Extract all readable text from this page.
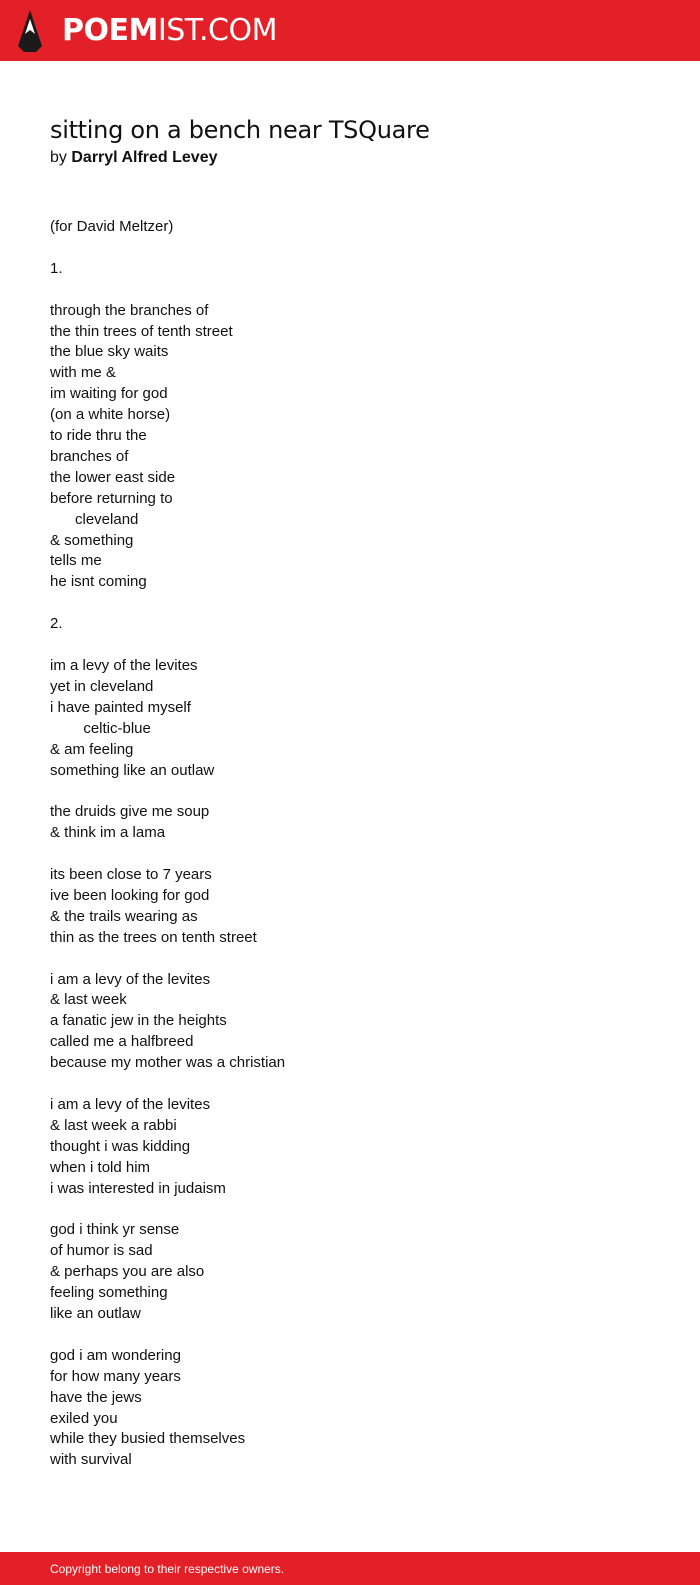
POEMIST.COM
sitting on a bench near TSQuare
by Darryl Alfred Levey
(for David Meltzer)
1.
through the branches of
the thin trees of tenth street
the blue sky waits
with me &
im waiting for god
(on a white horse)
to ride thru the
branches of
the lower east side
before returning to
cleveland
& something
tells me
he isnt coming
2.
im a levy of the levites
yet in cleveland
i have painted myself
celtic-blue
& am feeling
something like an outlaw
the druids give me soup
& think im a lama
its been close to 7 years
ive been looking for god
& the trails wearing as
thin as the trees on tenth street
i am a levy of the levites
& last week
a fanatic jew in the heights
called me a halfbreed
because my mother was a christian
i am a levy of the levites
& last week a rabbi
thought i was kidding
when i told him
i was interested in judaism
god i think yr sense
of humor is sad
& perhaps you are also
feeling something
like an outlaw
god i am wondering
for how many years
have the jews
exiled you
while they busied themselves
with survival
Copyright belong to their respective owners.
